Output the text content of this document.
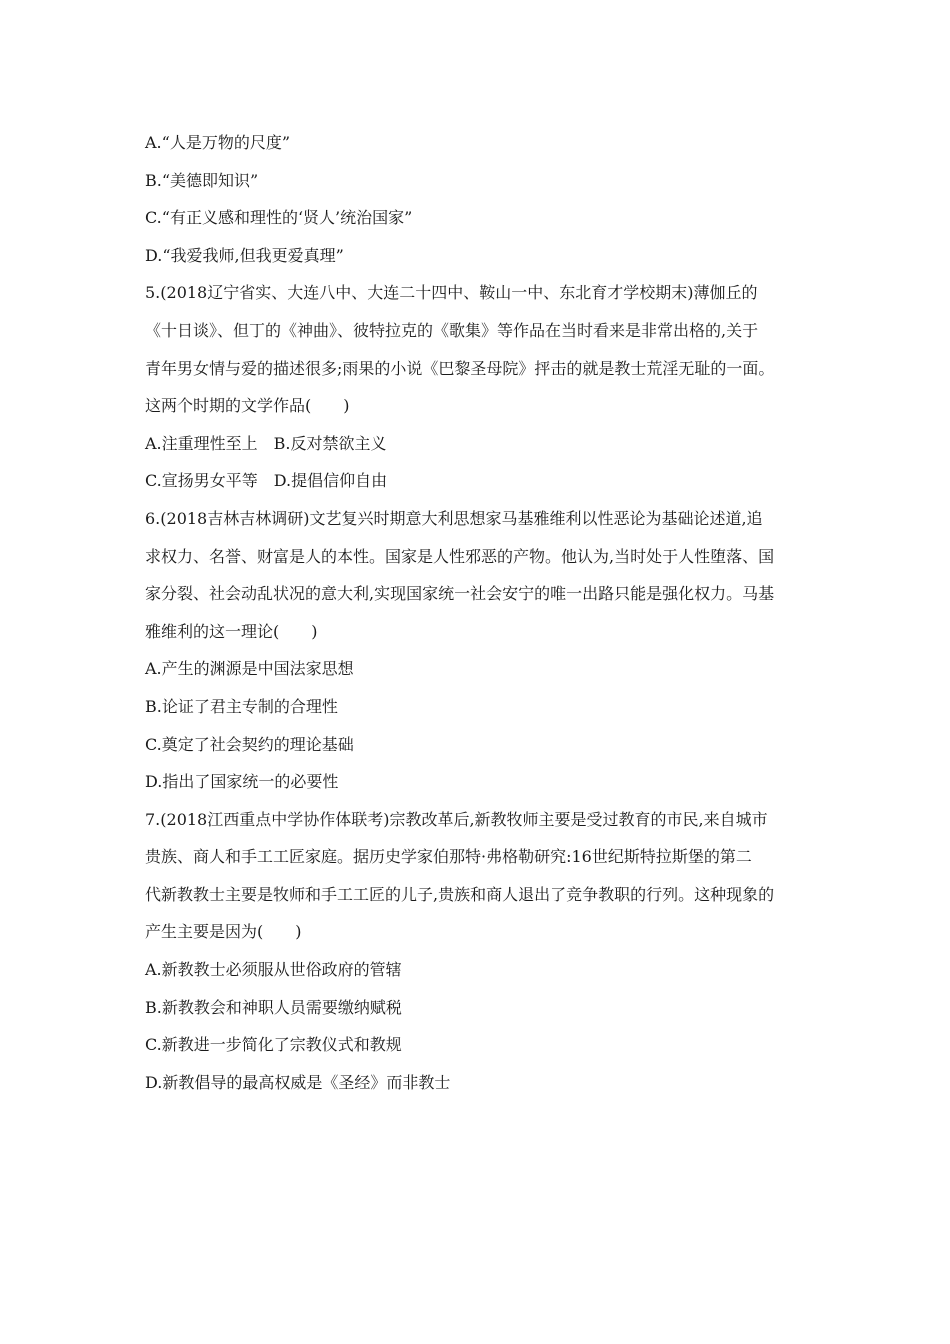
A.“人是万物的尺度”
B.“美德即知识”
C.“有正义感和理性的‘贤人’统治国家”
D.“我爱我师,但我更爱真理”
5.(2018辽宁省实、大连八中、大连二十四中、鞍山一中、东北育才学校期末)薄伽丘的
《十日谈》、但丁的《神曲》、彼特拉克的《歌集》等作品在当时看来是非常出格的,关于
青年男女情与爱的描述很多;雨果的小说《巴黎圣母院》抨击的就是教士荒淫无耻的一面。
这两个时期的文学作品(　　)
A.注重理性至上　B.反对禁欲主义
C.宣扬男女平等　D.提倡信仰自由
6.(2018吉林吉林调研)文艺复兴时期意大利思想家马基雅维利以性恶论为基础论述道,追
求权力、名誉、财富是人的本性。国家是人性邪恶的产物。他认为,当时处于人性堕落、国
家分裂、社会动乱状况的意大利,实现国家统一社会安宁的唯一出路只能是强化权力。马基
雅维利的这一理论(　　)
A.产生的渊源是中国法家思想
B.论证了君主专制的合理性
C.奠定了社会契约的理论基础
D.指出了国家统一的必要性
7.(2018江西重点中学协作体联考)宗教改革后,新教牧师主要是受过教育的市民,来自城市
贵族、商人和手工工匠家庭。据历史学家伯那特·弗格勒研究:16世纪斯特拉斯堡的第二
代新教教士主要是牧师和手工工匠的儿子,贵族和商人退出了竞争教职的行列。这种现象的
产生主要是因为(　　)
A.新教教士必须服从世俗政府的管辖
B.新教教会和神职人员需要缴纳赋税
C.新教进一步简化了宗教仪式和教规
D.新教倡导的最高权威是《圣经》而非教士
